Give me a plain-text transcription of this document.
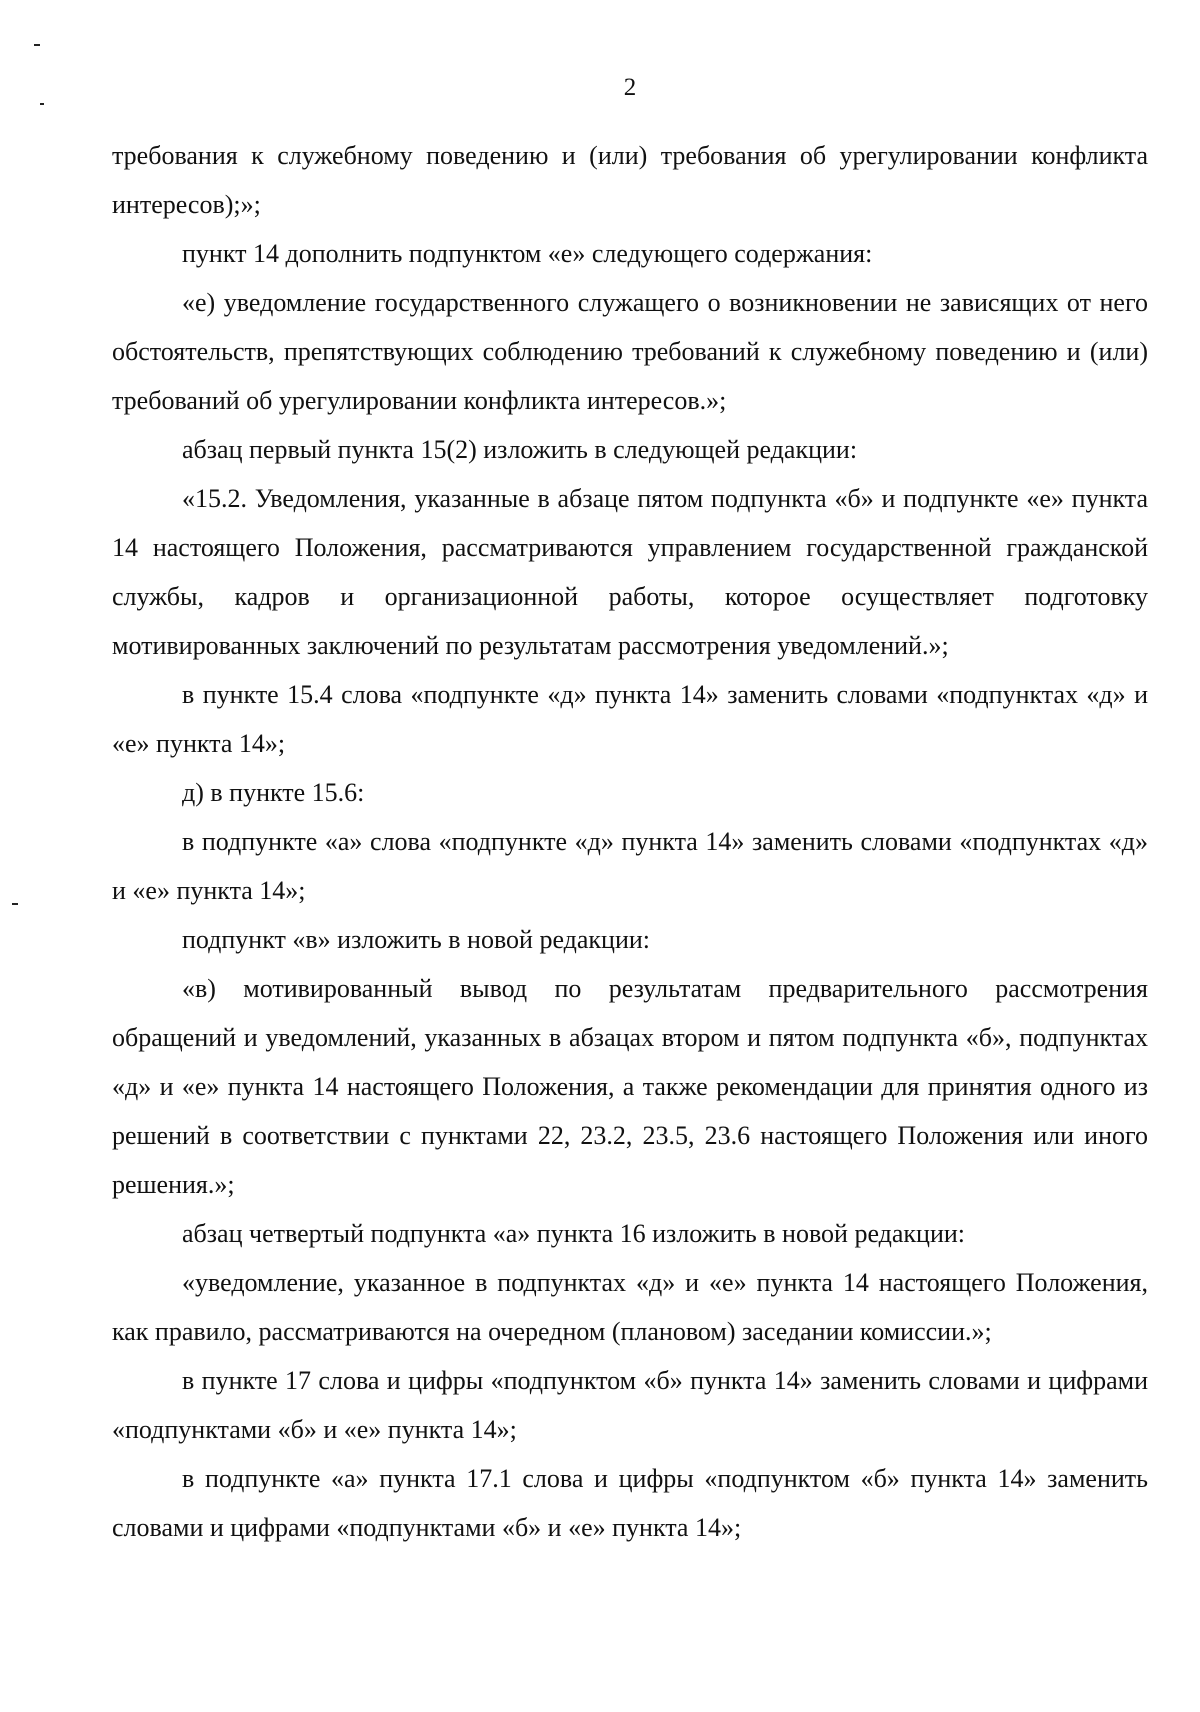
2

требования к служебному поведению и (или) требования об урегулировании конфликта интересов);»;

пункт 14 дополнить подпунктом «е» следующего содержания:

«е) уведомление государственного служащего о возникновении не зависящих от него обстоятельств, препятствующих соблюдению требований к служебному поведению и (или) требований об урегулировании конфликта интересов.»;

абзац первый пункта 15(2) изложить в следующей редакции:

«15.2. Уведомления, указанные в абзаце пятом подпункта «б» и подпункте «е» пункта 14 настоящего Положения, рассматриваются управлением государственной гражданской службы, кадров и организационной работы, которое осуществляет подготовку мотивированных заключений по результатам рассмотрения уведомлений.»;

в пункте 15.4 слова «подпункте «д» пункта 14» заменить словами «подпунктах «д» и «е» пункта 14»;

д) в пункте 15.6:

в подпункте «а» слова «подпункте «д» пункта 14» заменить словами «подпунктах «д» и «е» пункта 14»;

подпункт «в» изложить в новой редакции:

«в) мотивированный вывод по результатам предварительного рассмотрения обращений и уведомлений, указанных в абзацах втором и пятом подпункта «б», подпунктах «д» и «е» пункта 14 настоящего Положения, а также рекомендации для принятия одного из решений в соответствии с пунктами 22, 23.2, 23.5, 23.6 настоящего Положения или иного решения.»;

абзац четвертый подпункта «а» пункта 16 изложить в новой редакции:

«уведомление, указанное в подпунктах «д» и «е» пункта 14 настоящего Положения, как правило, рассматриваются на очередном (плановом) заседании комиссии.»;

в пункте 17 слова и цифры «подпунктом «б» пункта 14» заменить словами и цифрами «подпунктами «б» и «е» пункта 14»;

в подпункте «а» пункта 17.1 слова и цифры «подпунктом «б» пункта 14» заменить словами и цифрами «подпунктами «б» и «е» пункта 14»;
